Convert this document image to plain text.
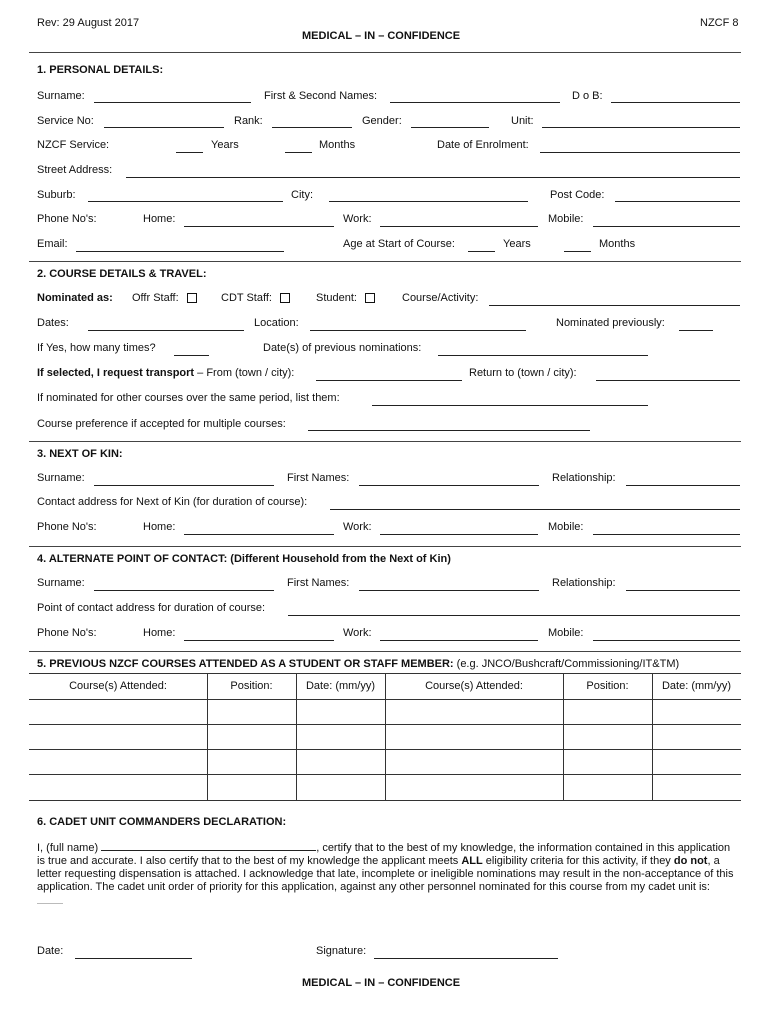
Rev: 29 August 2017	NZCF 8
MEDICAL – IN – CONFIDENCE
1. PERSONAL DETAILS:
Surname:	First & Second Names:	D o B:
Service No:	Rank:	Gender:	Unit:
NZCF Service:	Years	Months	Date of Enrolment:
Street Address:
Suburb:	City:	Post Code:
Phone No's:	Home:	Work:	Mobile:
Email:	Age at Start of Course:	Years	Months
2. COURSE DETAILS & TRAVEL:
Nominated as: Offr Staff:	CDT Staff:	Student:	Course/Activity:
Dates:	Location:	Nominated previously:
If Yes, how many times?	Date(s) of previous nominations:
If selected, I request transport – From (town / city):	Return to (town / city):
If nominated for other courses over the same period, list them:
Course preference if accepted for multiple courses:
3. NEXT OF KIN:
Surname:	First Names:	Relationship:
Contact address for Next of Kin (for duration of course):
Phone No's:	Home:	Work:	Mobile:
4. ALTERNATE POINT OF CONTACT: (Different Household from the Next of Kin)
Surname:	First Names:	Relationship:
Point of contact address for duration of course:
Phone No's:	Home:	Work:	Mobile:
5. PREVIOUS NZCF COURSES ATTENDED AS A STUDENT OR STAFF MEMBER: (e.g. JNCO/Bushcraft/Commissioning/IT&TM)
Course(s) Attended:	Position:	Date: (mm/yy)	Course(s) Attended:	Position:	Date: (mm/yy)
6. CADET UNIT COMMANDERS DECLARATION:
I, (full name)	, certify that to the best of my knowledge, the information contained in this application is true and accurate. I also certify that to the best of my knowledge the applicant meets ALL eligibility criteria for this activity, if they do not, a letter requesting dispensation is attached. I acknowledge that late, incomplete or ineligible nominations may result in the non-acceptance of this application. The cadet unit order of priority for this application, against any other personnel nominated for this course from my cadet unit is:
Date:	Signature:
MEDICAL – IN – CONFIDENCE
